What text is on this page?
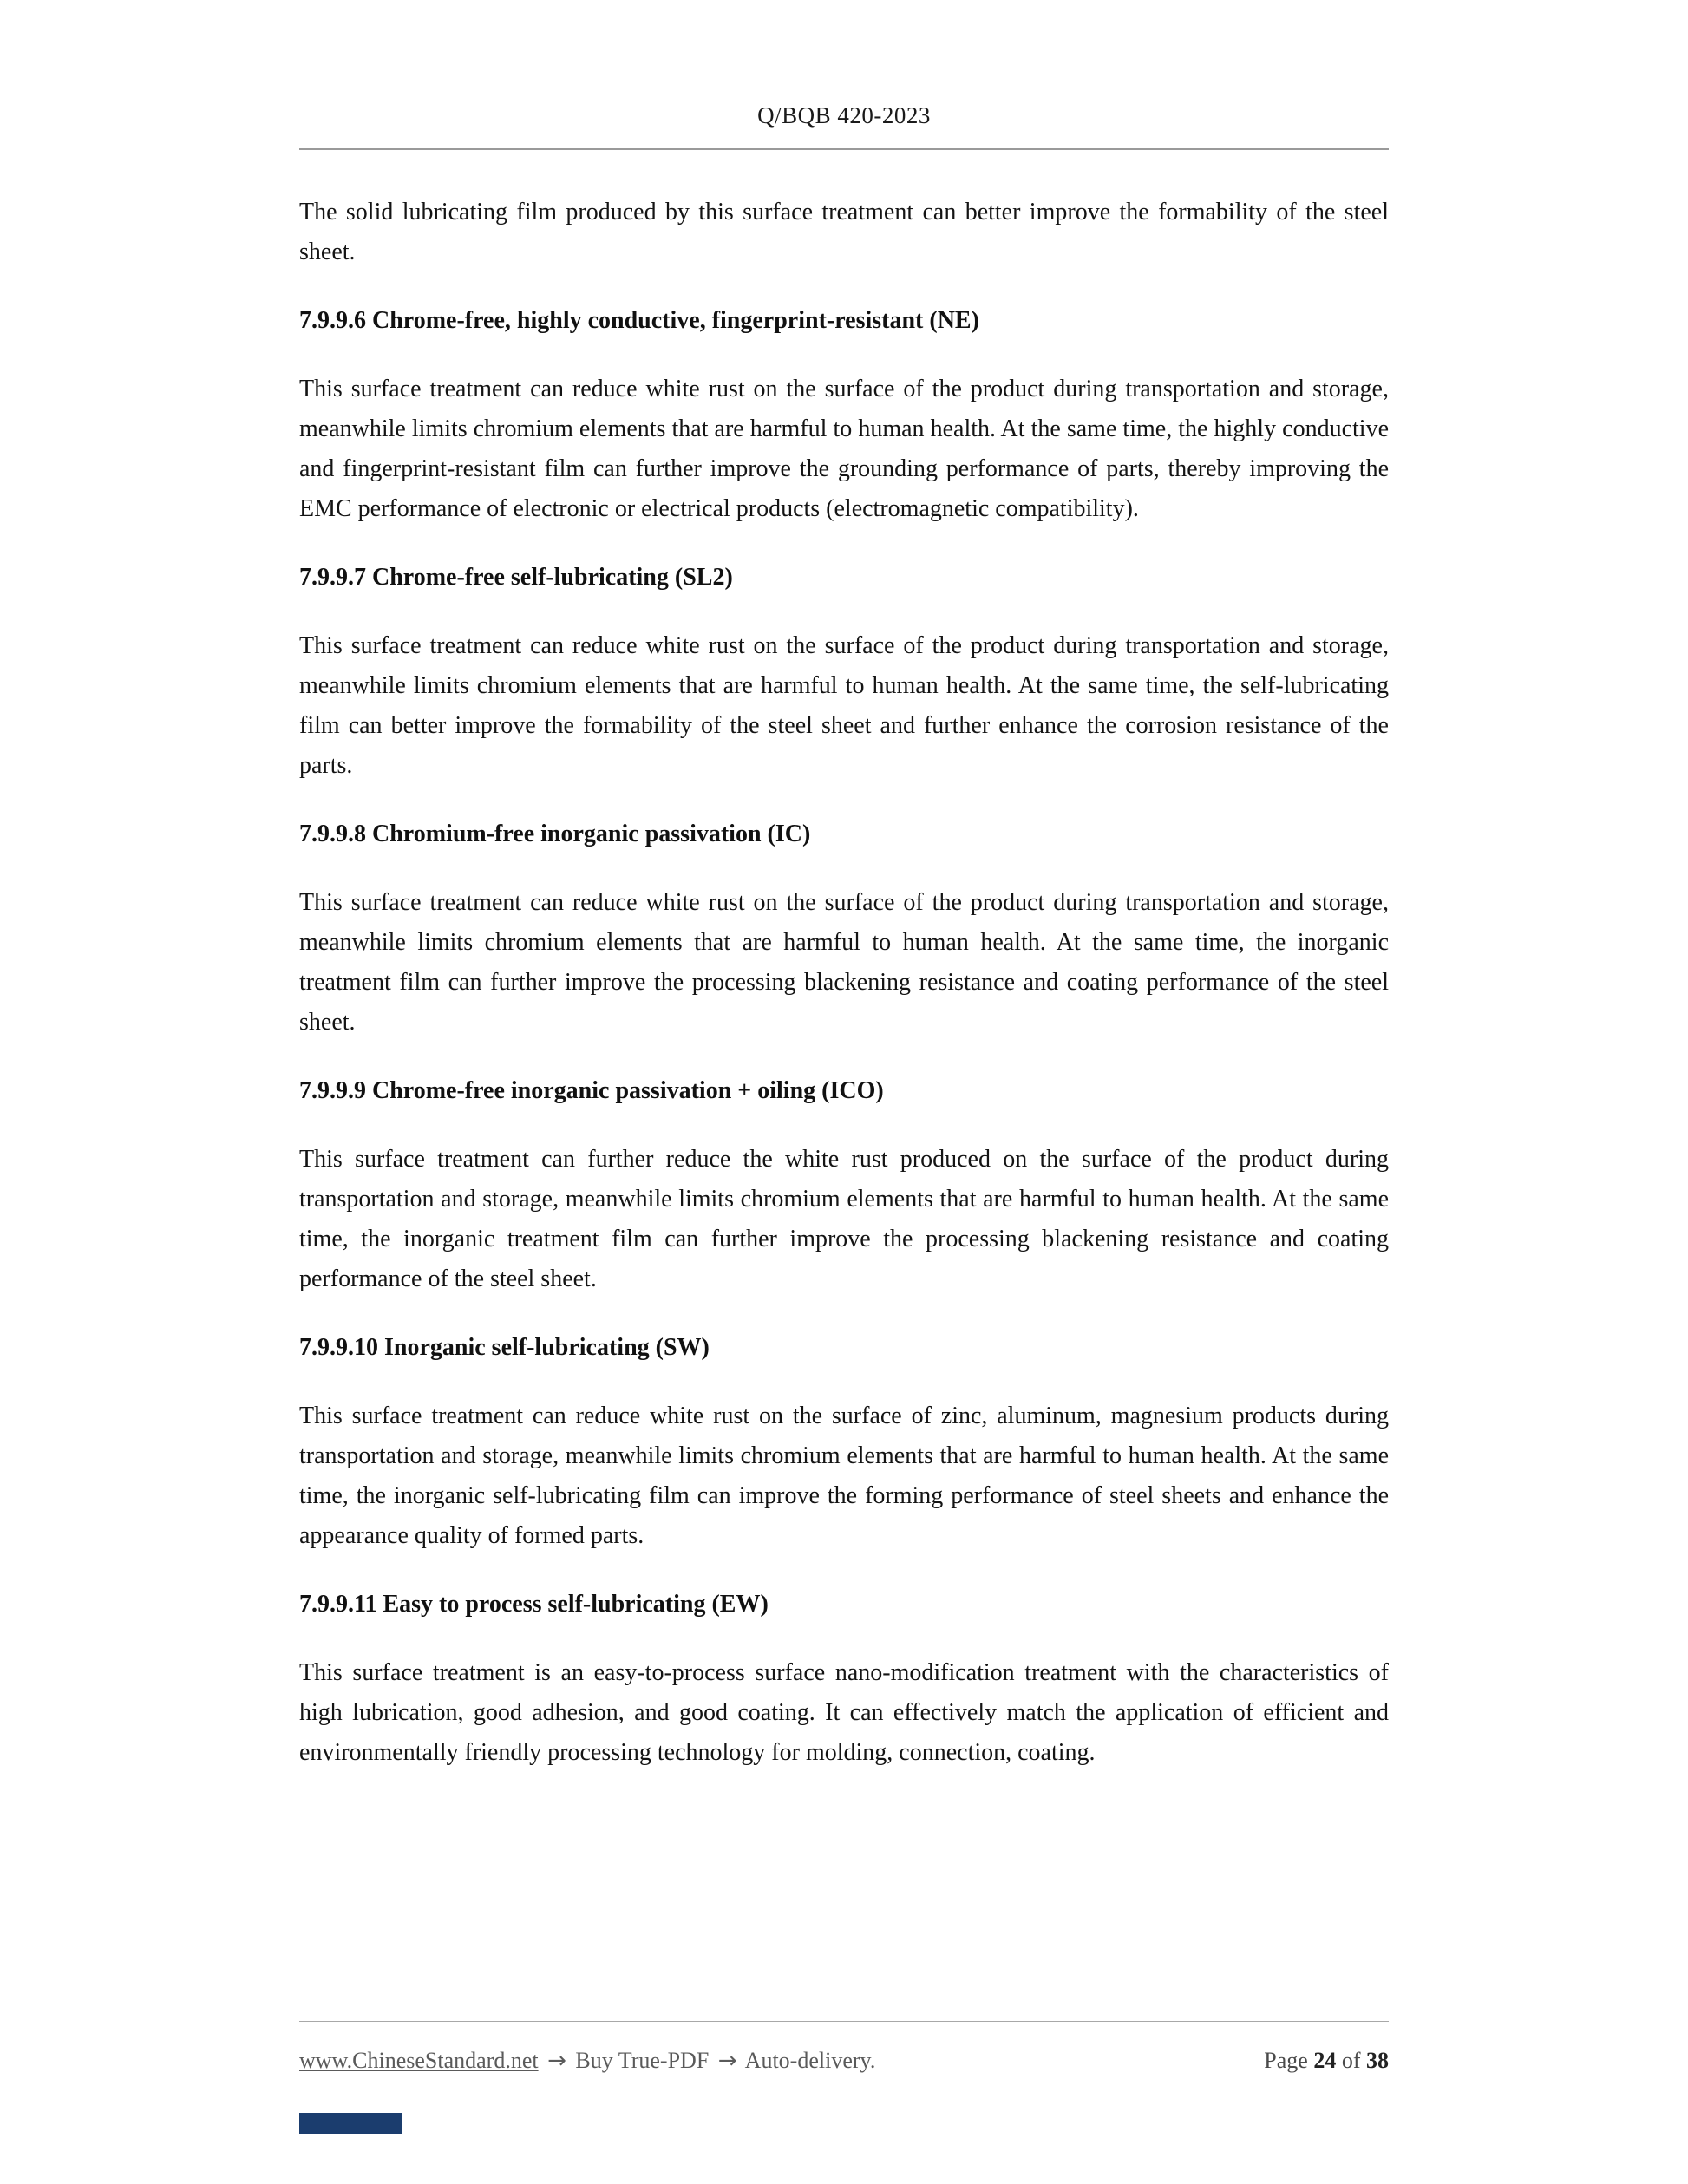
Q/BQB 420-2023

The solid lubricating film produced by this surface treatment can better improve the formability of the steel sheet.

7.9.9.6 Chrome-free, highly conductive, fingerprint-resistant (NE)

This surface treatment can reduce white rust on the surface of the product during transportation and storage, meanwhile limits chromium elements that are harmful to human health. At the same time, the highly conductive and fingerprint-resistant film can further improve the grounding performance of parts, thereby improving the EMC performance of electronic or electrical products (electromagnetic compatibility).

7.9.9.7 Chrome-free self-lubricating (SL2)

This surface treatment can reduce white rust on the surface of the product during transportation and storage, meanwhile limits chromium elements that are harmful to human health. At the same time, the self-lubricating film can better improve the formability of the steel sheet and further enhance the corrosion resistance of the parts.

7.9.9.8 Chromium-free inorganic passivation (IC)

This surface treatment can reduce white rust on the surface of the product during transportation and storage, meanwhile limits chromium elements that are harmful to human health. At the same time, the inorganic treatment film can further improve the processing blackening resistance and coating performance of the steel sheet.

7.9.9.9 Chrome-free inorganic passivation + oiling (ICO)

This surface treatment can further reduce the white rust produced on the surface of the product during transportation and storage, meanwhile limits chromium elements that are harmful to human health. At the same time, the inorganic treatment film can further improve the processing blackening resistance and coating performance of the steel sheet.

7.9.9.10 Inorganic self-lubricating (SW)

This surface treatment can reduce white rust on the surface of zinc, aluminum, magnesium products during transportation and storage, meanwhile limits chromium elements that are harmful to human health. At the same time, the inorganic self-lubricating film can improve the forming performance of steel sheets and enhance the appearance quality of formed parts.

7.9.9.11 Easy to process self-lubricating (EW)

This surface treatment is an easy-to-process surface nano-modification treatment with the characteristics of high lubrication, good adhesion, and good coating. It can effectively match the application of efficient and environmentally friendly processing technology for molding, connection, coating.

www.ChineseStandard.net → Buy True-PDF → Auto-delivery.	Page 24 of 38
